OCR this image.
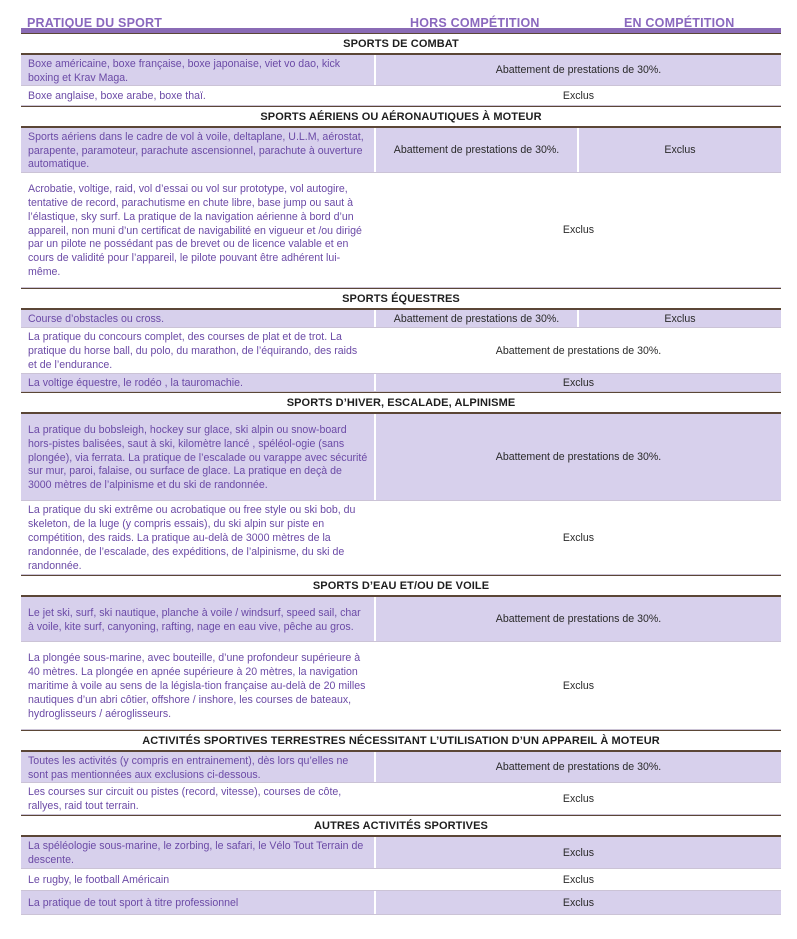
PRATIQUE DU SPORT	HORS COMPÉTITION	EN COMPÉTITION
SPORTS DE COMBAT
Boxe américaine, boxe française, boxe japonaise, viet vo dao, kick boxing et Krav Maga.
Abattement de prestations de 30%.
Boxe anglaise, boxe arabe, boxe thaï.	Exclus
SPORTS AÉRIENS OU AÉRONAUTIQUES À MOTEUR
Sports aériens dans le cadre de vol à voile, deltaplane, U.L.M, aérostat, parapente, paramoteur, parachute ascensionnel, parachute à ouverture automatique.
Abattement de prestations de 30%.	Exclus
Acrobatie, voltige, raid, vol d’essai ou vol sur prototype, vol autogire, tentative de record, parachutisme en chute libre, base jump ou saut à l’élastique, sky surf. La pratique de la navigation aérienne à bord d’un appareil, non muni d’un certificat de navigabilité en vigueur et /ou dirigé par un pilote ne possédant pas de brevet ou de licence valable et en cours de validité pour l’appareil, le pilote pouvant être adhérent lui-même.
Exclus
SPORTS ÉQUESTRES
Course d’obstacles ou cross.	Abattement de prestations de 30%.	Exclus
La pratique du concours complet, des courses de plat et de trot. La pratique du horse ball, du polo, du marathon, de l’équirando, des raids et de l’endurance.
Abattement de prestations de 30%.
La voltige équestre, le rodéo , la tauromachie.	Exclus
SPORTS D’HIVER, ESCALADE, ALPINISME
La pratique du bobsleigh, hockey sur glace, ski alpin ou snow-board hors-pistes balisées, saut à ski, kilomètre lancé , spéléol-ogie (sans plongée), via ferrata. La pratique de l’escalade ou varappe avec sécurité sur mur, paroi, falaise, ou surface de glace. La pratique en deçà de 3000 mètres de l’alpinisme et du ski de randonnée.
Abattement de prestations de 30%.
La pratique du ski extrême ou acrobatique ou free style ou ski bob, du skeleton, de la luge (y compris essais), du ski alpin sur piste en compétition, des raids. La pratique au-delà de 3000 mètres de la randonnée, de l’escalade, des expéditions, de l’alpinisme, du ski de randonnée.
Exclus
SPORTS D’EAU ET/OU DE VOILE
Le jet ski, surf, ski nautique, planche à voile / windsurf, speed sail, char à voile, kite surf, canyoning, rafting, nage en eau vive, pêche au gros.
Abattement de prestations de 30%.
La plongée sous-marine, avec bouteille, d’une profondeur supérieure à 40 mètres. La plongée en apnée supérieure à 20 mètres, la navigation maritime à voile au sens de la législa-tion française au-delà de 20 milles nautiques d’un abri côtier, offshore / inshore, les courses de bateaux, hydroglisseurs / aéroglisseurs.
Exclus
ACTIVITÉS SPORTIVES TERRESTRES NÉCESSITANT L’UTILISATION D’UN APPAREIL À MOTEUR
Toutes les activités (y compris en entrainement), dès lors qu’elles ne sont pas mentionnées aux exclusions ci-dessous.
Abattement de prestations de 30%.
Les courses sur circuit ou pistes (record, vitesse), courses de côte, rallyes, raid tout terrain.
Exclus
AUTRES ACTIVITÉS SPORTIVES
La spéléologie sous-marine, le zorbing, le safari, le Vélo Tout Terrain de descente.
Exclus
Le rugby, le football Américain	Exclus
La pratique de tout sport à titre professionnel	Exclus
